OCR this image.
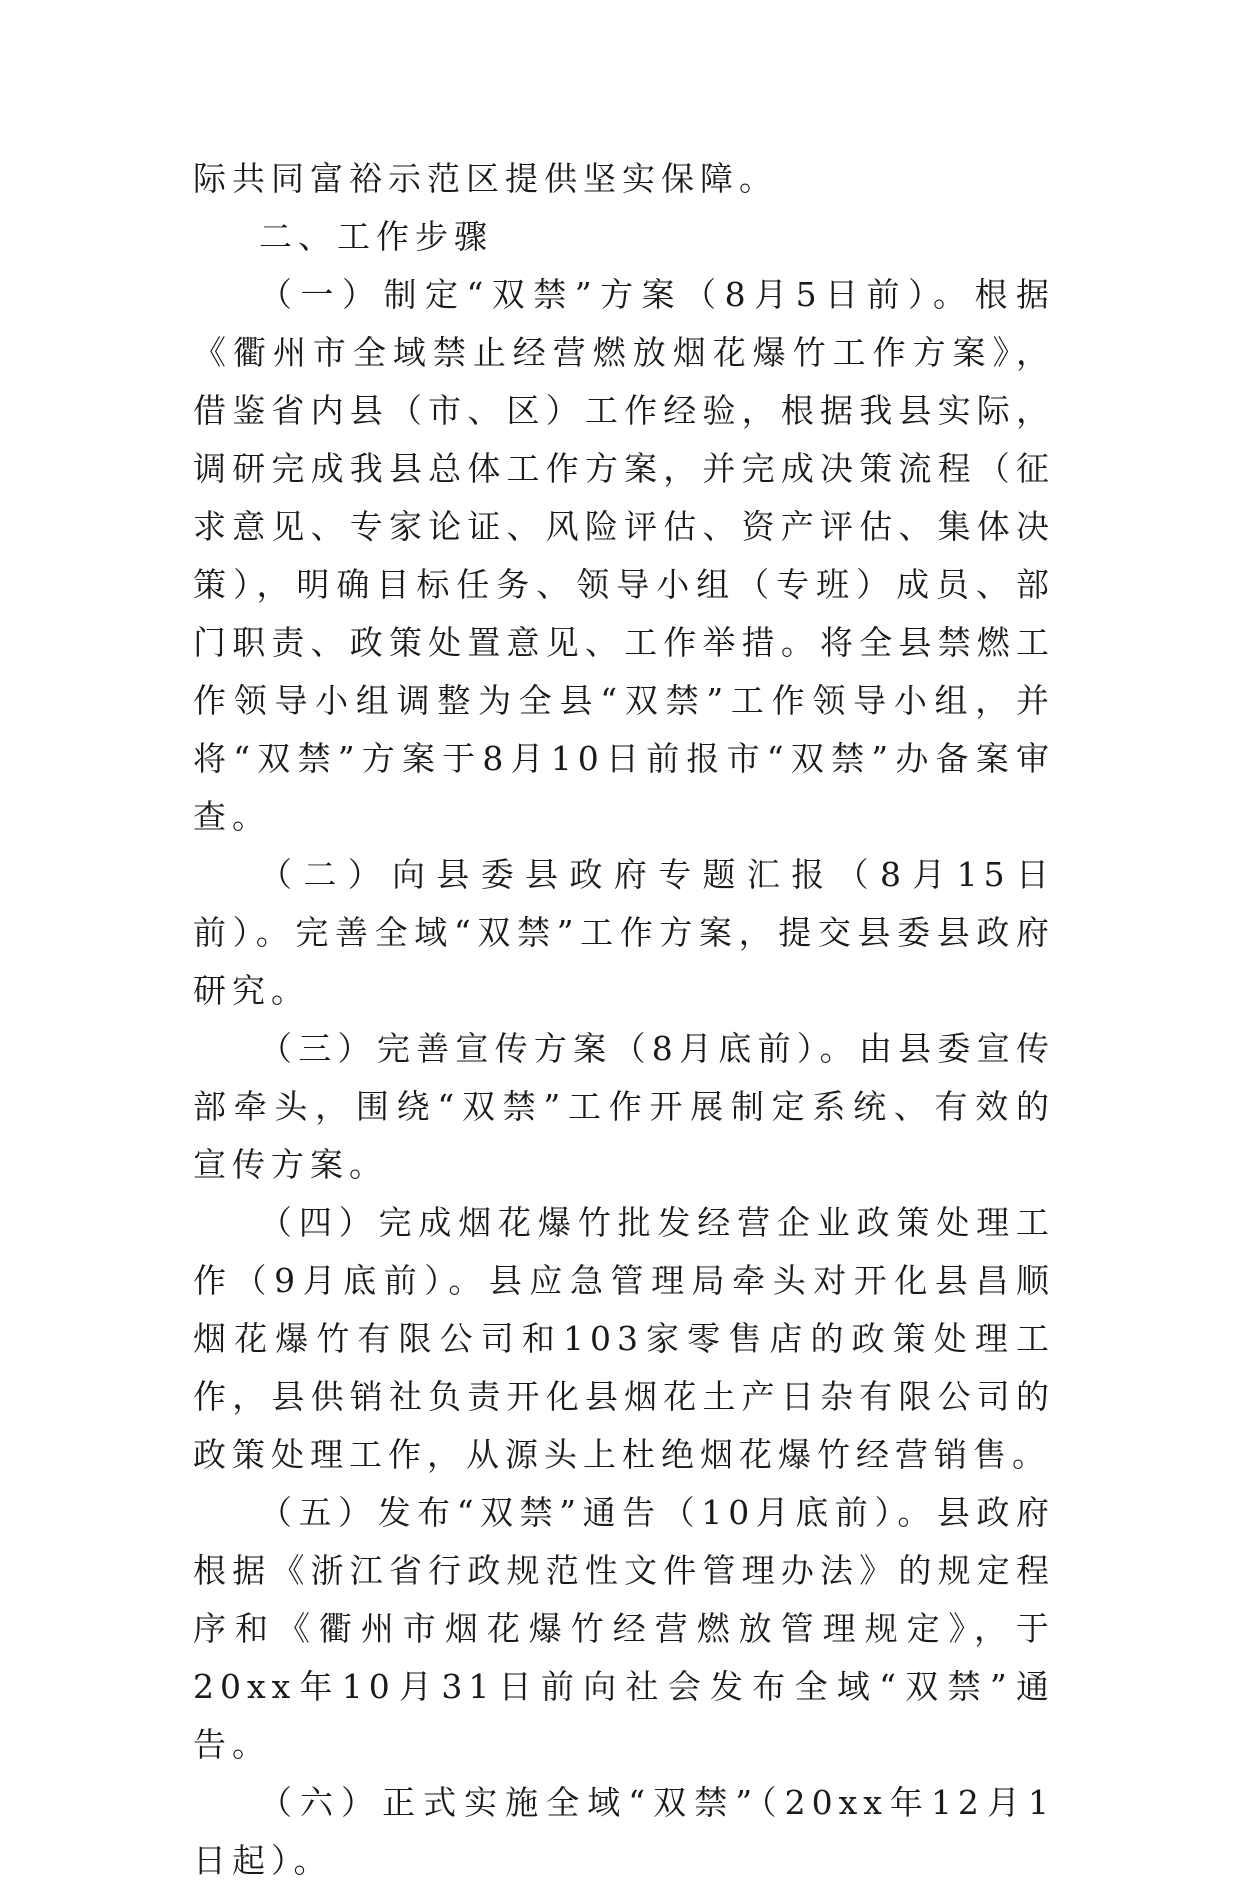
际共同富裕示范区提供坚实保障。

二、工作步骤

（一）制定“双禁”方案（8月5日前）。根据《衢州市全域禁止经营燃放烟花爆竹工作方案》，借鉴省内县（市、区）工作经验，根据我县实际，调研完成我县总体工作方案，并完成决策流程（征求意见、专家论证、风险评估、资产评估、集体决策），明确目标任务、领导小组（专班）成员、部门职责、政策处置意见、工作举措。将全县禁燃工作领导小组调整为全县“双禁”工作领导小组，并将“双禁”方案于8月10日前报市“双禁”办备案审查。

（二）向县委县政府专题汇报（8月15日前）。完善全域“双禁”工作方案，提交县委县政府研究。

（三）完善宣传方案（8月底前）。由县委宣传部牵头，围绕“双禁”工作开展制定系统、有效的宣传方案。

（四）完成烟花爆竹批发经营企业政策处理工作（9月底前）。县应急管理局牵头对开化县昌顺烟花爆竹有限公司和103家零售店的政策处理工作，县供销社负责开化县烟花土产日杂有限公司的政策处理工作，从源头上杜绝烟花爆竹经营销售。

（五）发布“双禁”通告（10月底前）。县政府根据《浙江省行政规范性文件管理办法》的规定程序和《衢州市烟花爆竹经营燃放管理规定》，于20xx年10月31日前向社会发布全域“双禁”通告。

（六）正式实施全域“双禁”（20xx年12月1日起）。
